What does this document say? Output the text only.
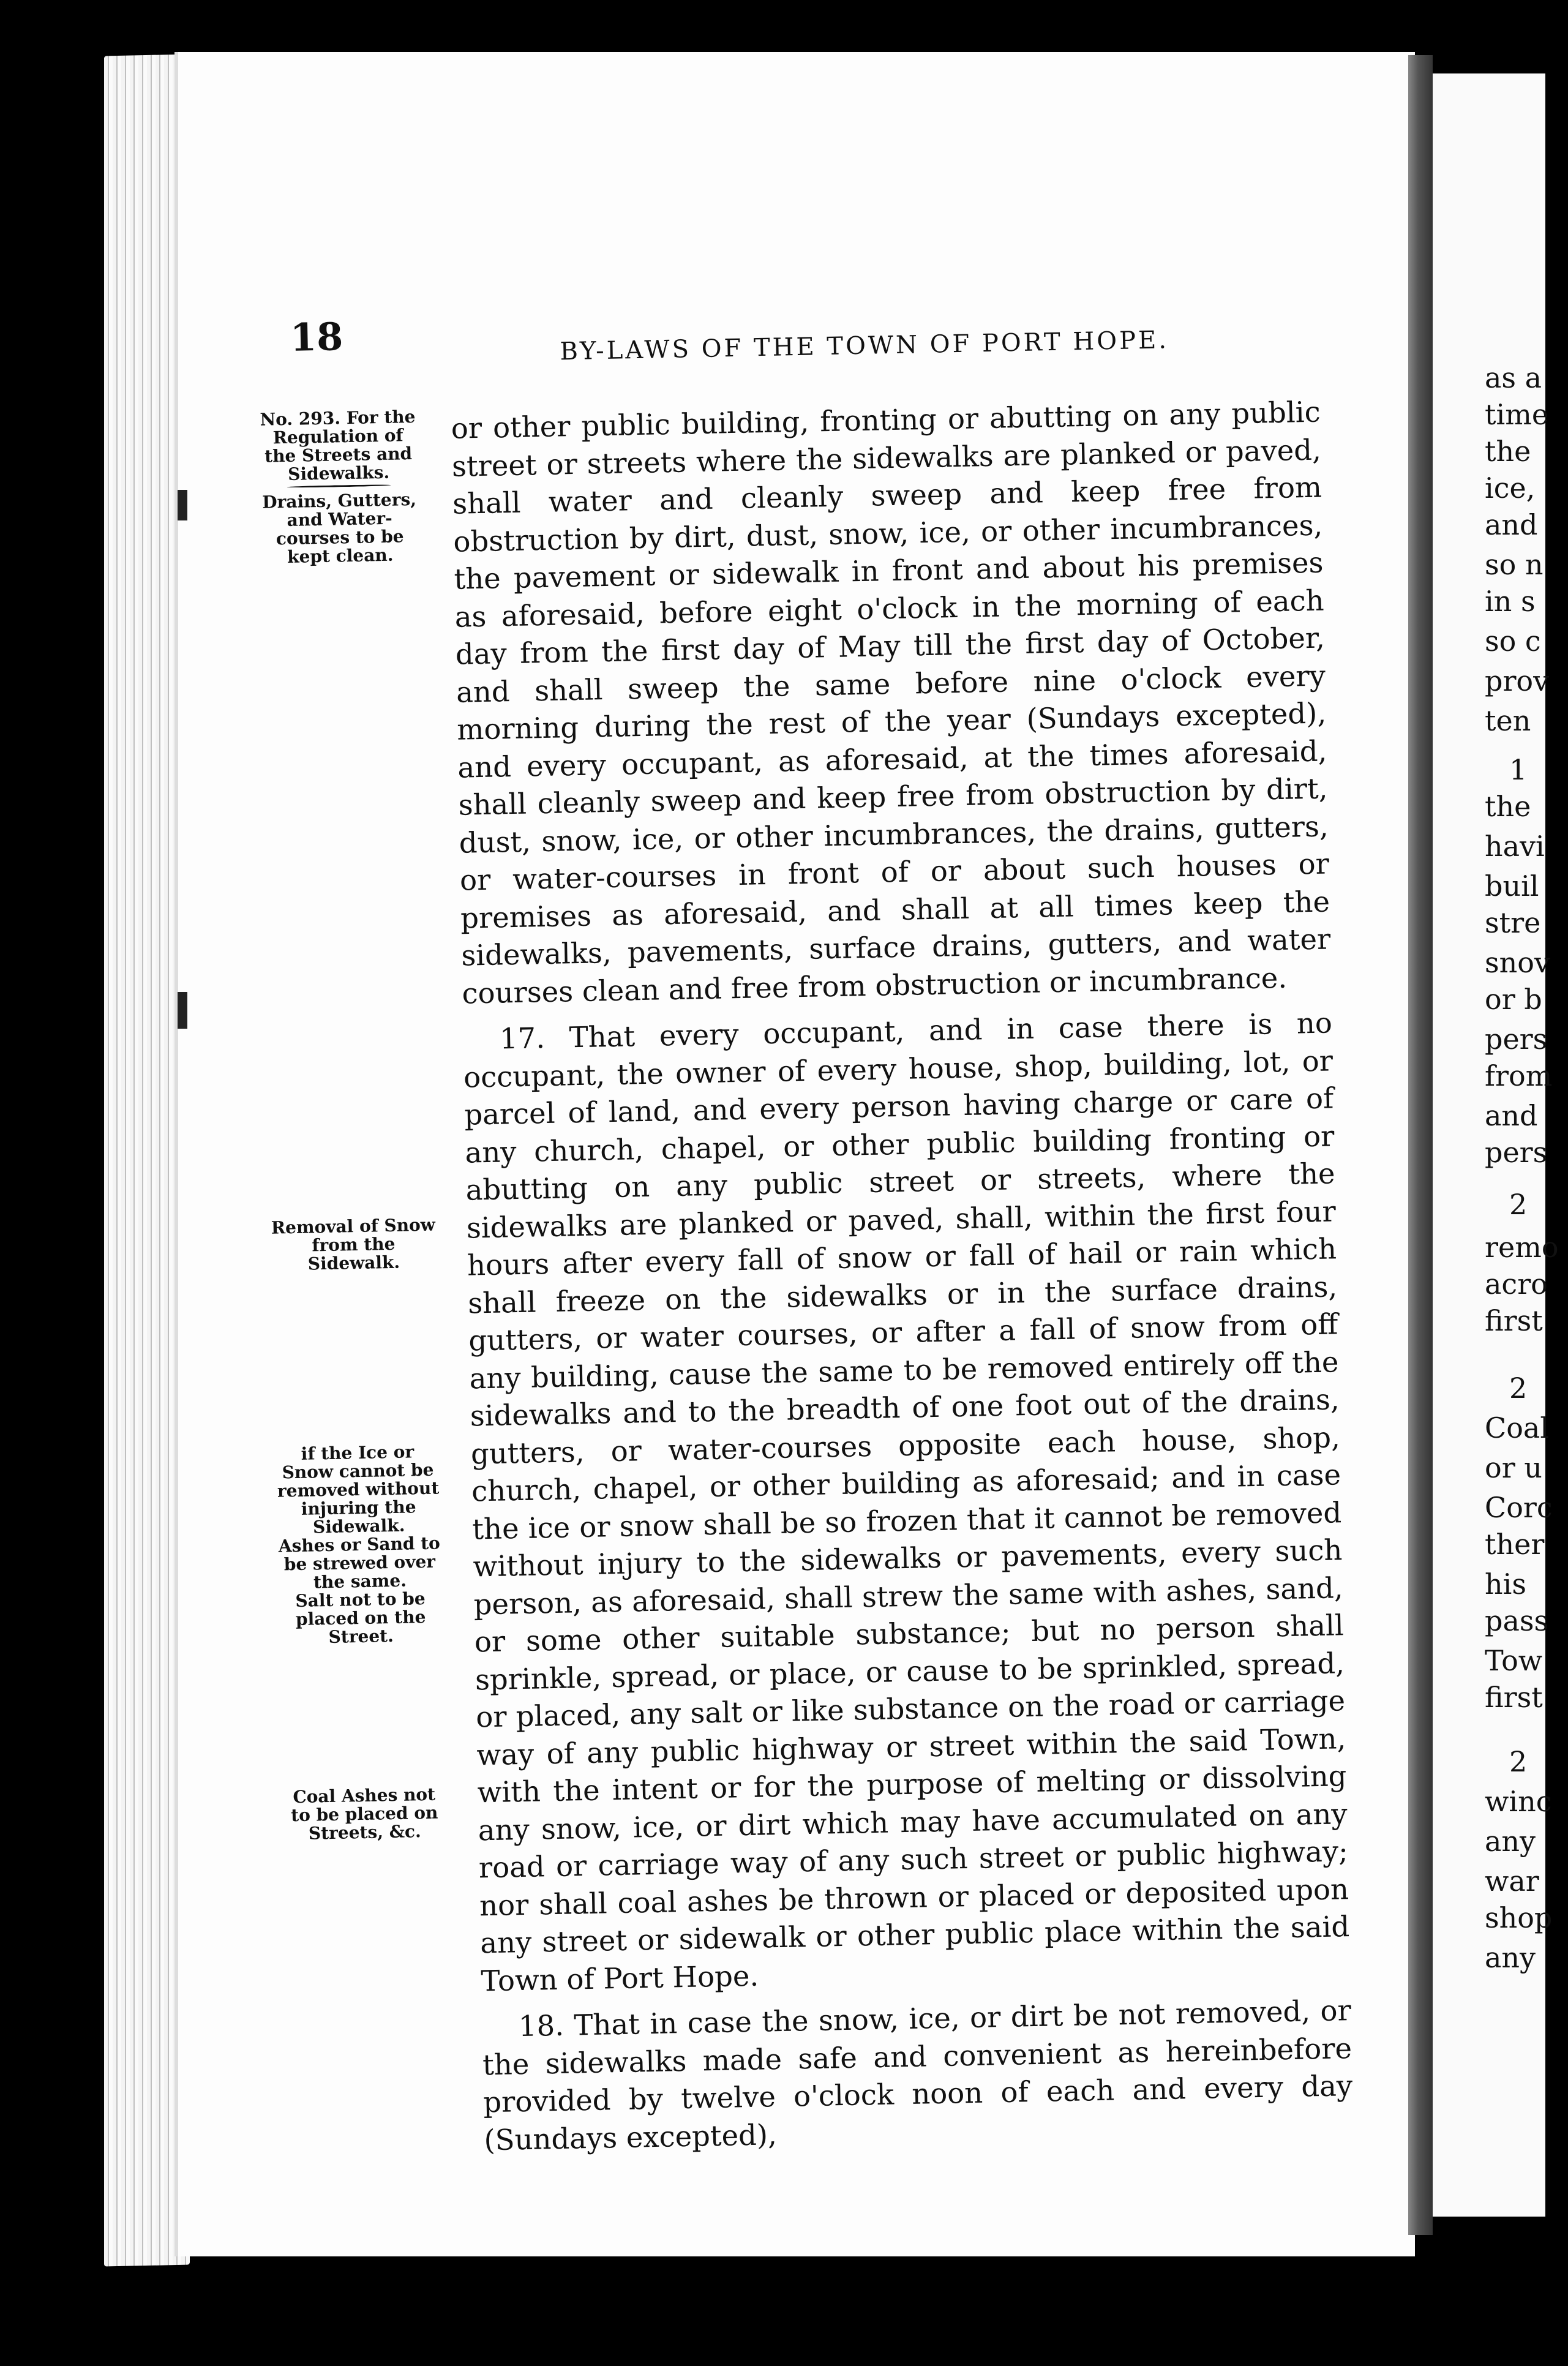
as a
time
the
ice,
and
so n
in s
so c
prov
ten
1
the
havi
buil
stre
snov
or b
pers
from
and
pers
2
remo
acro
first
2
Coal
or u
Corc
ther
his
pass
Tow
first
2
winc
any
war
shop
any
18	BY-LAWS OF THE TOWN OF PORT HOPE.

No. 293. For the Regulation of the Streets and Sidewalks.

Drains, Gutters, and Water-courses to be kept clean.

Removal of Snow from the Sidewalk.

if the Ice or Snow cannot be removed without injuring the Sidewalk.

Ashes or Sand to be strewed over the same.

Salt not to be placed on the Street.

Coal Ashes not to be placed on Streets, &c.

or other public building, fronting or abutting on any public street or streets where the sidewalks are planked or paved, shall water and cleanly sweep and keep free from obstruction by dirt, dust, snow, ice, or other incumbrances, the pavement or sidewalk in front and about his premises as aforesaid, before eight o'clock in the morning of each day from the first day of May till the first day of October, and shall sweep the same before nine o'clock every morning during the rest of the year (Sundays excepted), and every occupant, as aforesaid, at the times aforesaid, shall cleanly sweep and keep free from obstruction by dirt, dust, snow, ice, or other incumbrances, the drains, gutters, or water-courses in front of or about such houses or premises as aforesaid, and shall at all times keep the sidewalks, pavements, surface drains, gutters, and water courses clean and free from obstruction or incumbrance.

17. That every occupant, and in case there is no occupant, the owner of every house, shop, building, lot, or parcel of land, and every person having charge or care of any church, chapel, or other public building fronting or abutting on any public street or streets, where the sidewalks are planked or paved, shall, within the first four hours after every fall of snow or fall of hail or rain which shall freeze on the sidewalks or in the surface drains, gutters, or water courses, or after a fall of snow from off any building, cause the same to be removed entirely off the sidewalks and to the breadth of one foot out of the drains, gutters, or water-courses opposite each house, shop, church, chapel, or other building as aforesaid; and in case the ice or snow shall be so frozen that it cannot be removed without injury to the sidewalks or pavements, every such person, as aforesaid, shall strew the same with ashes, sand, or some other suitable substance; but no person shall sprinkle, spread, or place, or cause to be sprinkled, spread, or placed, any salt or like substance on the road or carriage way of any public highway or street within the said Town, with the intent or for the purpose of melting or dissolving any snow, ice, or dirt which may have accumulated on any road or carriage way of any such street or public highway; nor shall coal ashes be thrown or placed or deposited upon any street or sidewalk or other public place within the said Town of Port Hope.

18. That in case the snow, ice, or dirt be not removed, or the sidewalks made safe and convenient as hereinbefore provided by twelve o'clock noon of each and every day (Sundays excepted),
